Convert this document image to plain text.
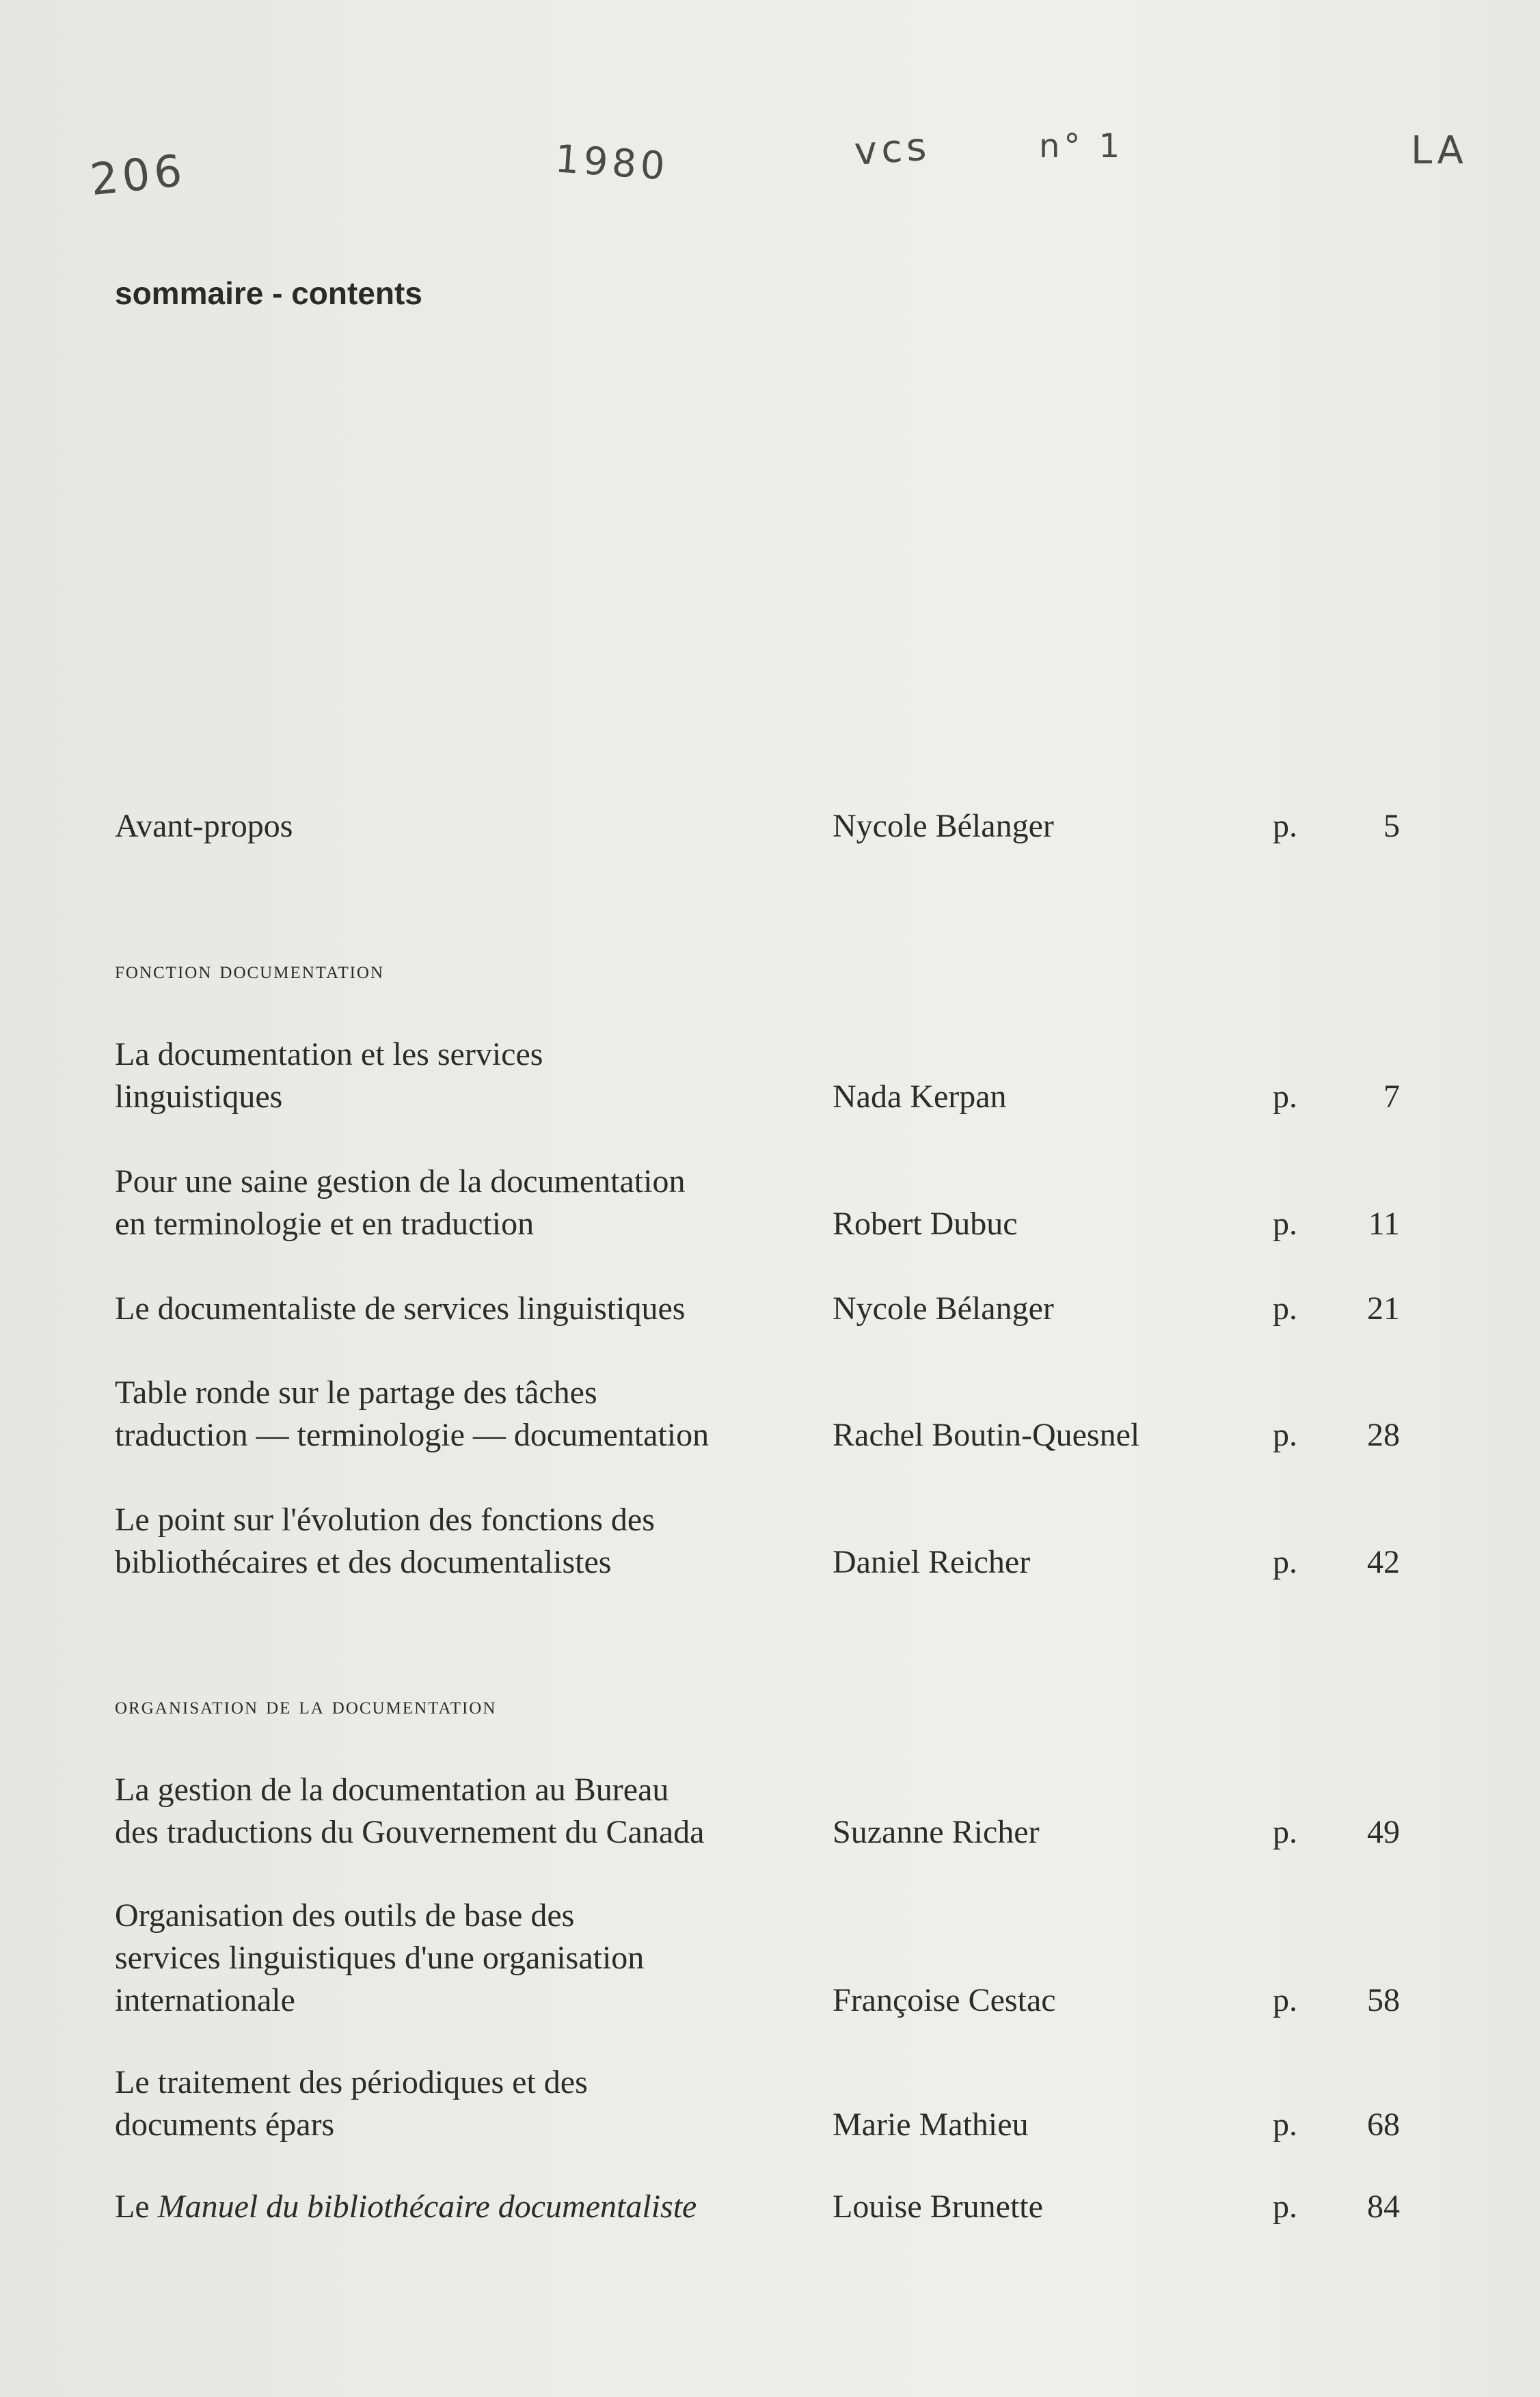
206	1980	vcs	n° 1	LA
sommaire - contents
Avant-propos	Nycole Bélanger	p.	5
fonction documentation
La documentation et les services
linguistiques	Nada Kerpan	p.	7
Pour une saine gestion de la documentation
en terminologie et en traduction	Robert Dubuc	p.	11
Le documentaliste de services linguistiques	Nycole Bélanger	p.	21
Table ronde sur le partage des tâches
traduction — terminologie — documentation	Rachel Boutin-Quesnel	p.	28
Le point sur l'évolution des fonctions des
bibliothécaires et des documentalistes	Daniel Reicher	p.	42
organisation de la documentation
La gestion de la documentation au Bureau
des traductions du Gouvernement du Canada	Suzanne Richer	p.	49
Organisation des outils de base des
services linguistiques d'une organisation
internationale	Françoise Cestac	p.	58
Le traitement des périodiques et des
documents épars	Marie Mathieu	p.	68
Le Manuel du bibliothécaire documentaliste	Louise Brunette	p.	84
